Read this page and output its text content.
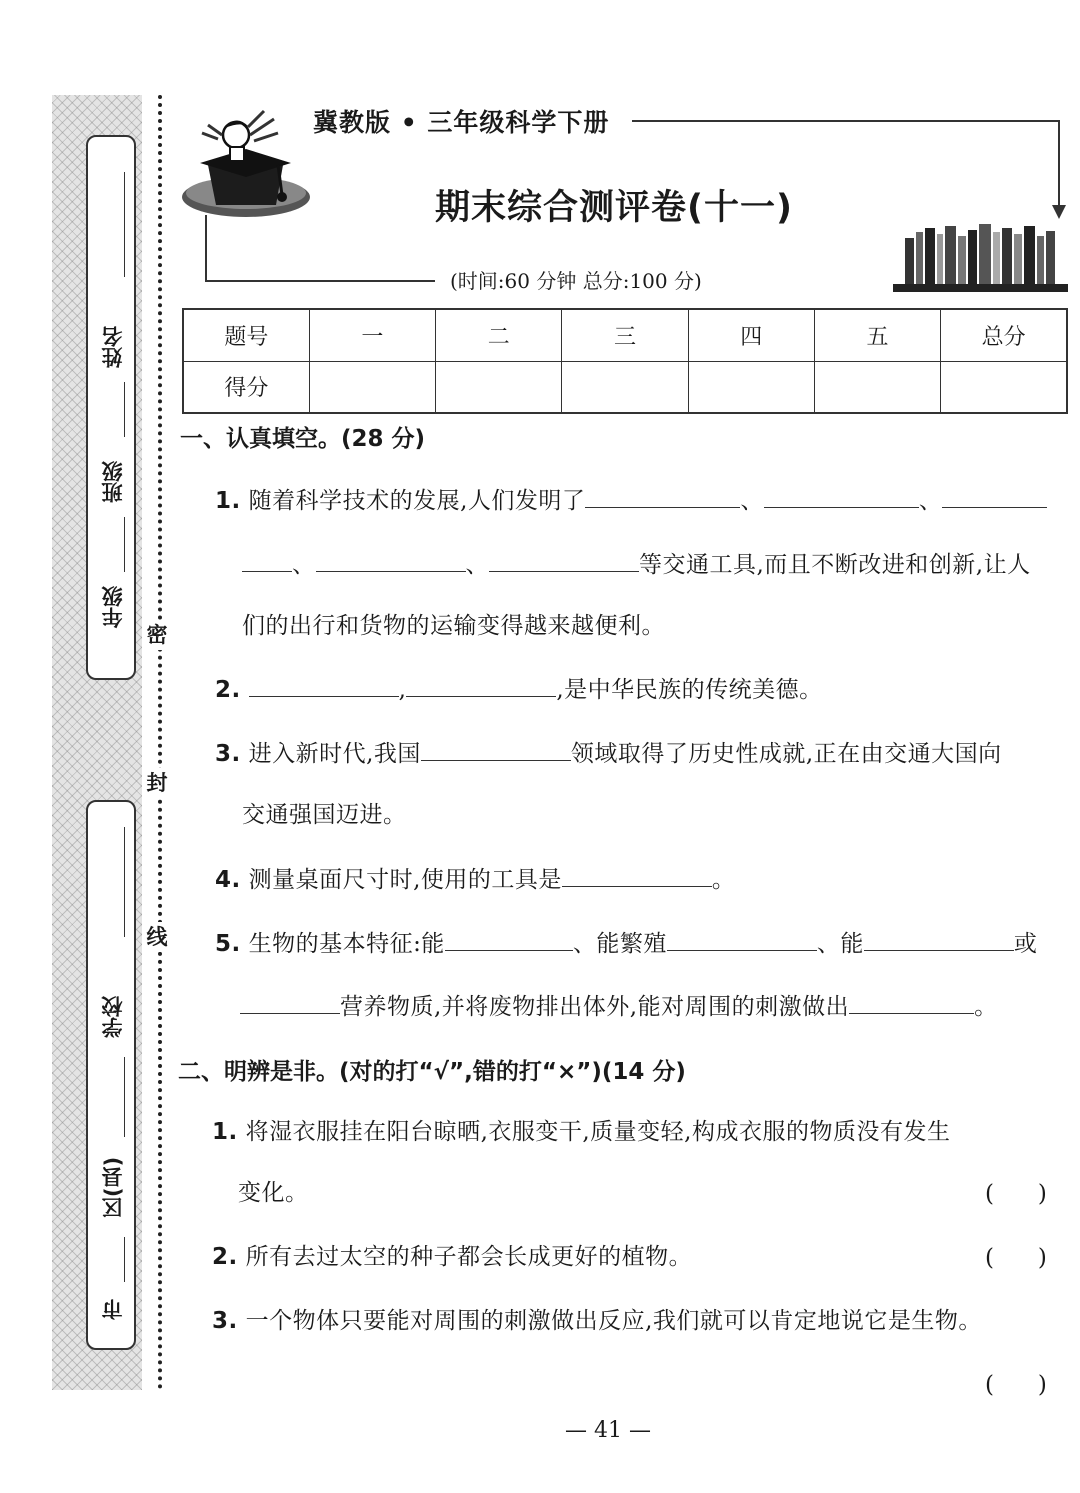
姓名
班级
年级
学校
区(县)
市
密
封
线
冀教版 • 三年级科学下册
期末综合测评卷(十一)
(时间:60 分钟 总分:100 分)
题号	一	二	三	四	五	总分
得分						
一、认真填空。(28 分)
1. 随着科学技术的发展,人们发明了	、	、
、	、	等交通工具,而且不断改进和创新,让人
们的出行和货物的运输变得越来越便利。
2.	,	,是中华民族的传统美德。
3. 进入新时代,我国	领域取得了历史性成就,正在由交通大国向
交通强国迈进。
4. 测量桌面尺寸时,使用的工具是	。
5. 生物的基本特征:能	、能繁殖	、能	或
营养物质,并将废物排出体外,能对周围的刺激做出	。
二、明辨是非。(对的打“√”,错的打“×”)(14 分)
1. 将湿衣服挂在阳台晾晒,衣服变干,质量变轻,构成衣服的物质没有发生
变化。	(      )
2. 所有去过太空的种子都会长成更好的植物。	(      )
3. 一个物体只要能对周围的刺激做出反应,我们就可以肯定地说它是生物。
(      )
— 41 —
